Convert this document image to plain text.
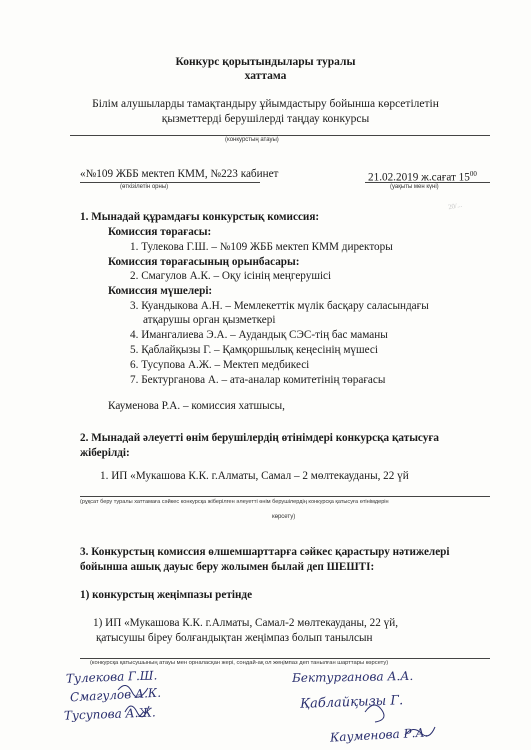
Конкурс қорытындылары туралы
хаттама
Білім алушыларды тамақтандыру ұйымдастыру бойынша көрсетілетін
қызметтерді берушілерді таңдау конкурсы
(конкурстың атауы)
«№109 ЖББ мектеп КММ, №223 кабинет	21.02.2019 ж.сағат $15^{00}$
(өткізілетін орны)	(уақыты мен күні)
20/...
1. Мынадай құрамдағы конкурстық комиссия:
Комиссия төрағасы:
1. Тулекова Г.Ш. – №109 ЖББ мектеп КММ директоры
Комиссия төрағасының орынбасары:
2. Смагулов А.К. – Оқу ісінің меңгерушісі
Комиссия мүшелері:
3. Куандыкова А.Н. – Мемлекеттік мүлік басқару саласындағы
атқарушы орган қызметкері
4. Имангалиева Э.А. – Аудандық СЭС-тің бас маманы
5. Қаблайқызы Г. – Қамқоршылық кеңесінің мүшесі
6. Тусупова А.Ж. – Мектеп медбикесі
7. Бектурганова А. – ата-аналар комитетінің төрағасы
Кауменова Р.А. – комиссия хатшысы,
2. Мынадай әлеуетті өнім берушілердің өтінімдері конкурсқа қатысуға
жіберілді:
1. ИП «Мукашова К.К. г.Алматы, Самал – 2 мөлтекауданы, 22 үй
(рұқсат беру туралы хаттамаға сәйкес конкурсқа жіберілген әлеуетті өнім берушілердің конкурсқа қатысуға өтінімдерін
көрсету)
3. Конкурстың комиссия өлшемшарттарға сәйкес қарастыру нәтижелері
бойынша ашық дауыс беру жолымен былай деп ШЕШТІ:
1) конкурстың жеңімпазы ретінде
1) ИП «Мукашова К.К. г.Алматы, Самал-2 мөлтекауданы, 22 үй,
қатысушы біреу болғандықтан жеңімпаз болып танылсын
(конкурсқа қатысушының атауы мен орналасқан жері, сондай-ақ ол жеңімпаз деп танылған шарттары көрсету)
Тулекова Г.Ш.
Смагулов А.К.
Тусупова А.Ж.
Бектурганова А.А.
Қаблайқызы Г.
Кауменова Р.А.
